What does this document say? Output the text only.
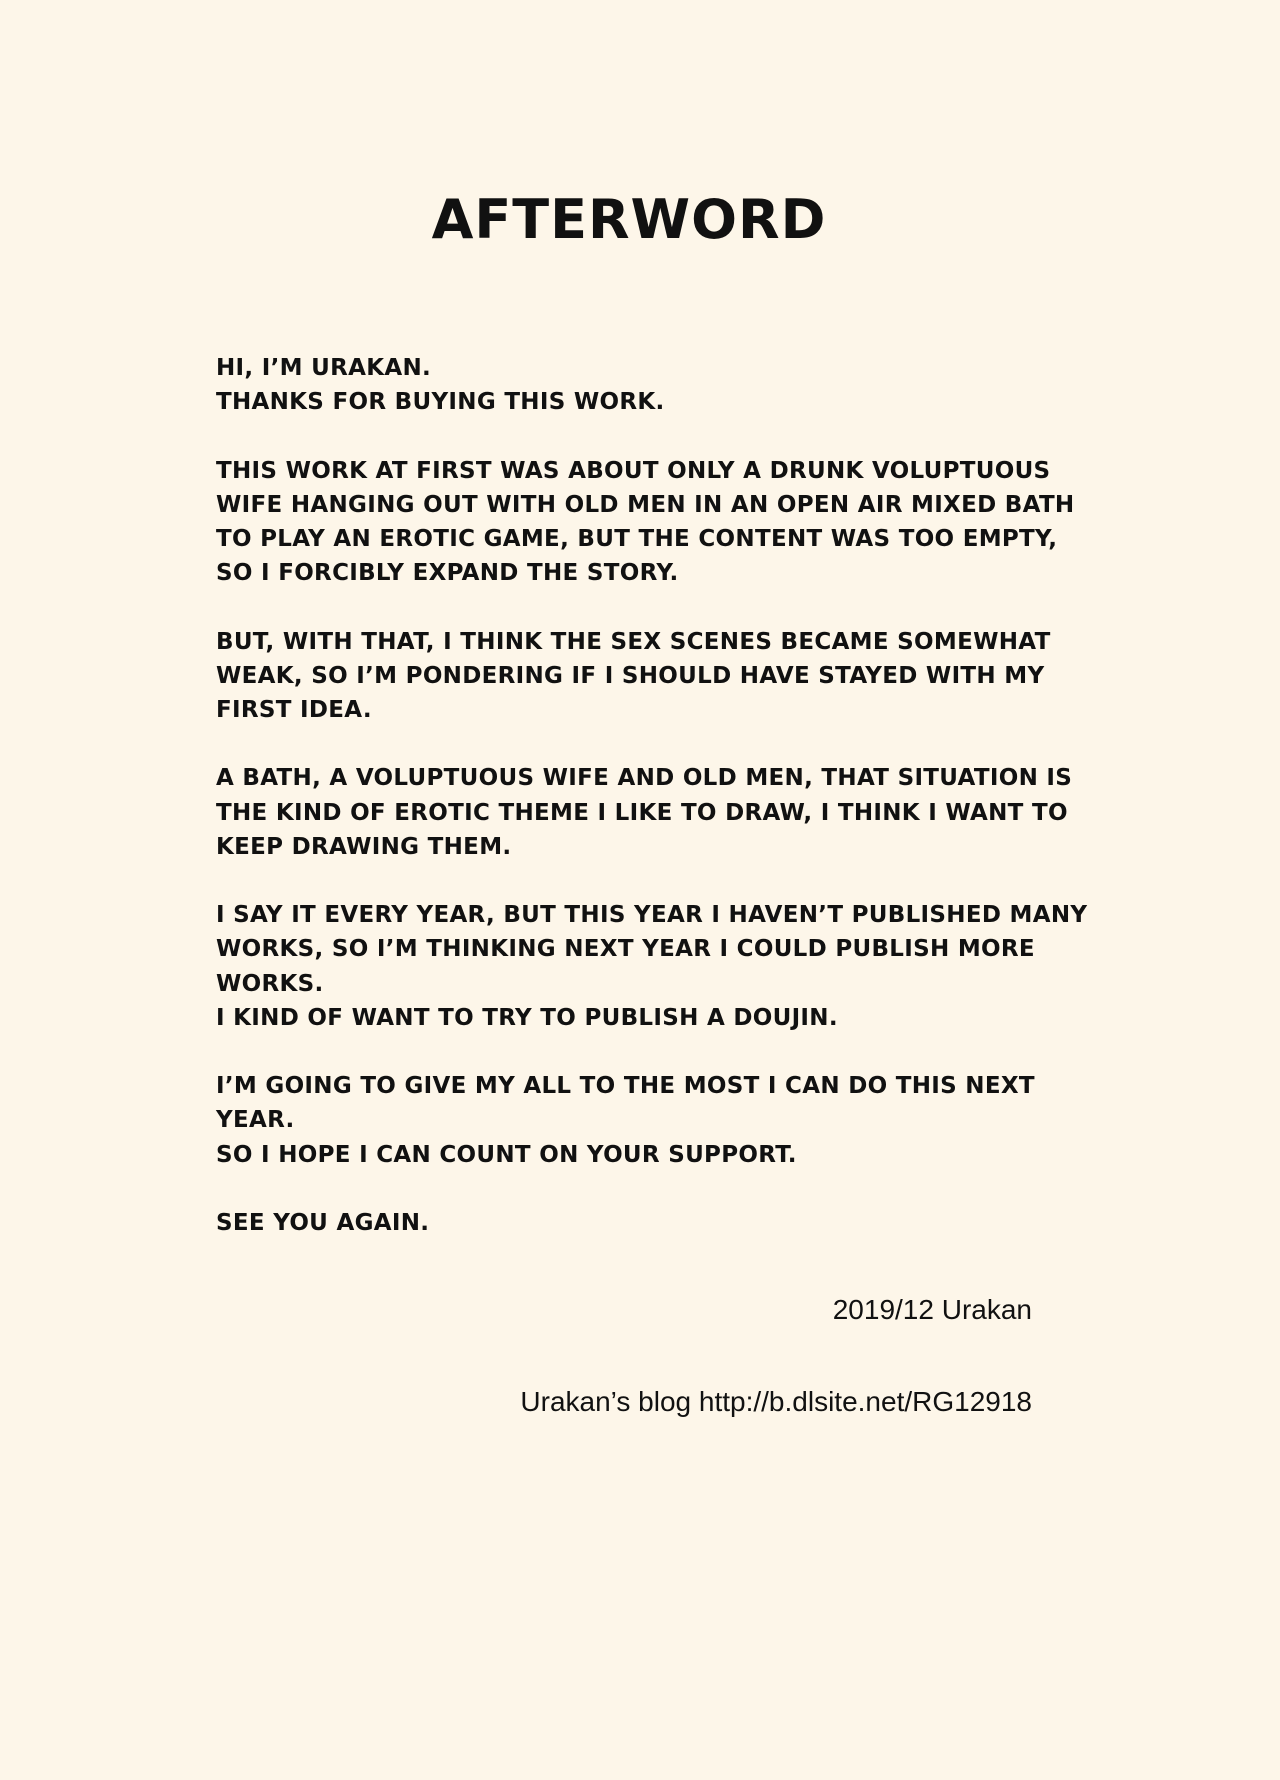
AFTERWORD

HI, I’M URAKAN.
THANKS FOR BUYING THIS WORK.

THIS WORK AT FIRST WAS ABOUT ONLY A DRUNK VOLUPTUOUS
WIFE HANGING OUT WITH OLD MEN IN AN OPEN AIR MIXED BATH
TO PLAY AN EROTIC GAME, BUT THE CONTENT WAS TOO EMPTY,
SO I FORCIBLY EXPAND THE STORY.

BUT, WITH THAT, I THINK THE SEX SCENES BECAME SOMEWHAT
WEAK, SO I’M PONDERING IF I SHOULD HAVE STAYED WITH MY
FIRST IDEA.

A BATH, A VOLUPTUOUS WIFE AND OLD MEN, THAT SITUATION IS
THE KIND OF EROTIC THEME I LIKE TO DRAW, I THINK I WANT TO
KEEP DRAWING THEM.

I SAY IT EVERY YEAR, BUT THIS YEAR I HAVEN’T PUBLISHED MANY
WORKS, SO I’M THINKING NEXT YEAR I COULD PUBLISH MORE
WORKS.
I KIND OF WANT TO TRY TO PUBLISH A DOUJIN.

I’M GOING TO GIVE MY ALL TO THE MOST I CAN DO THIS NEXT
YEAR.
SO I HOPE I CAN COUNT ON YOUR SUPPORT.

SEE YOU AGAIN.

2019/12 Urakan
Urakan’s blog http://b.dlsite.net/RG12918
